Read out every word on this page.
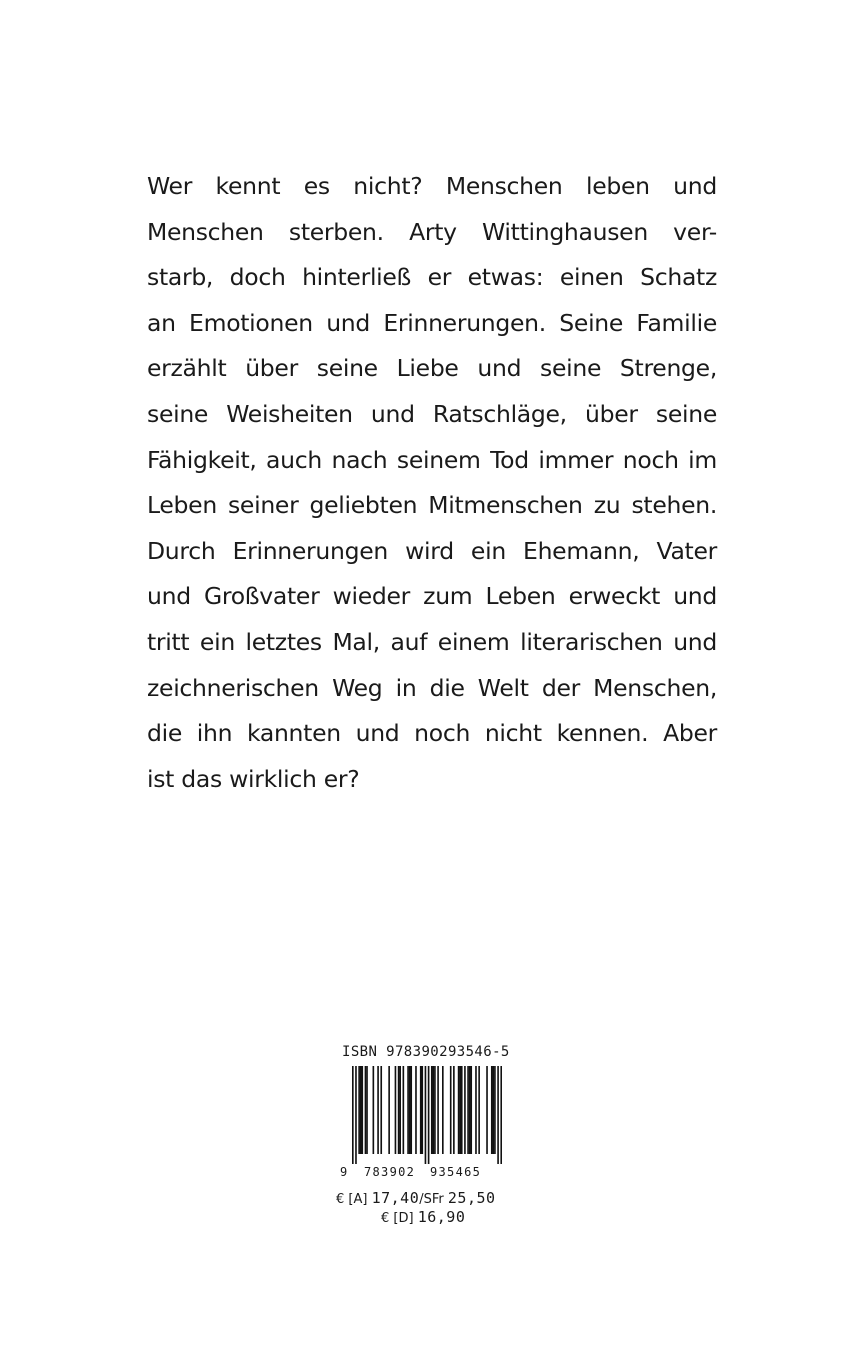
Wer kennt es nicht? Menschen leben und
Menschen sterben. Arty Wittinghausen ver-
starb, doch hinterließ er etwas: einen Schatz
an Emotionen und Erinnerungen. Seine Familie
erzählt über seine Liebe und seine Strenge,
seine Weisheiten und Ratschläge, über seine
Fähigkeit, auch nach seinem Tod immer noch im
Leben seiner geliebten Mitmenschen zu stehen.
Durch Erinnerungen wird ein Ehemann, Vater
und Großvater wieder zum Leben erweckt und
tritt ein letztes Mal, auf einem literarischen und
zeichnerischen Weg in die Welt der Menschen,
die ihn kannten und noch nicht kennen. Aber
ist das wirklich er?
ISBN 978390293546-5
9 783902 935465
€ [A] 17,40/SFr 25,50
€ [D] 16,90
